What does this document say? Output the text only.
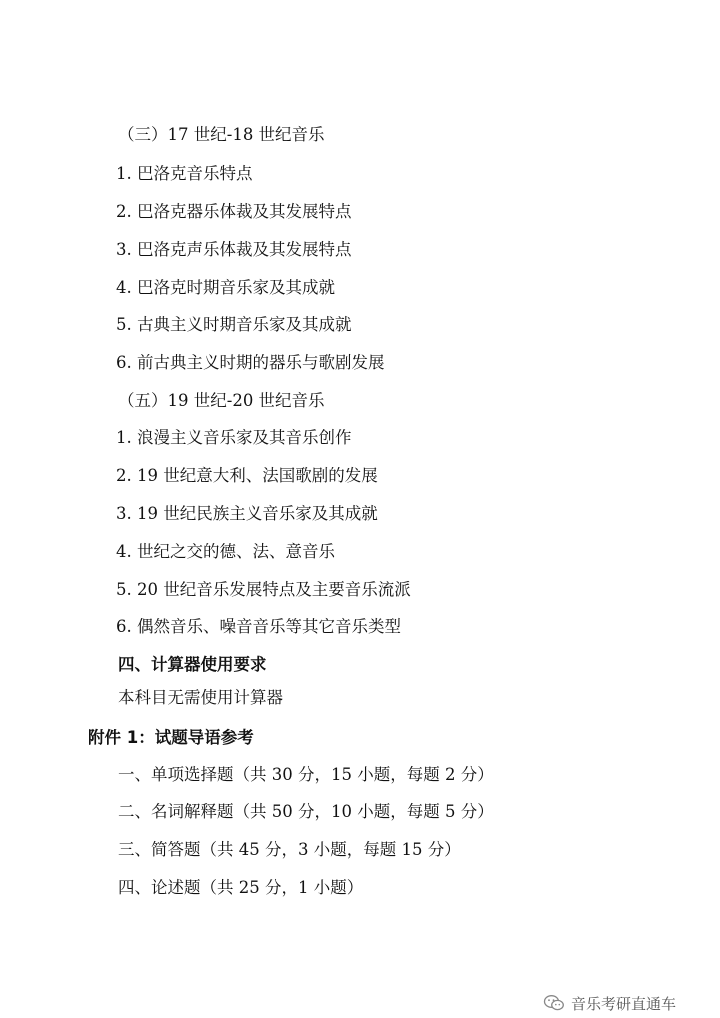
（三）17 世纪-18 世纪音乐
1. 巴洛克音乐特点
2. 巴洛克器乐体裁及其发展特点
3. 巴洛克声乐体裁及其发展特点
4. 巴洛克时期音乐家及其成就
5. 古典主义时期音乐家及其成就
6. 前古典主义时期的器乐与歌剧发展
（五）19 世纪-20 世纪音乐
1. 浪漫主义音乐家及其音乐创作
2. 19 世纪意大利、法国歌剧的发展
3. 19 世纪民族主义音乐家及其成就
4. 世纪之交的德、法、意音乐
5. 20 世纪音乐发展特点及主要音乐流派
6. 偶然音乐、噪音音乐等其它音乐类型
四、计算器使用要求
本科目无需使用计算器
附件 1：试题导语参考
一、单项选择题（共 30 分，15 小题，每题 2 分）
二、名词解释题（共 50 分，10 小题，每题 5 分）
三、简答题（共 45 分，3 小题，每题 15 分）
四、论述题（共 25 分，1 小题）
音乐考研直通车
